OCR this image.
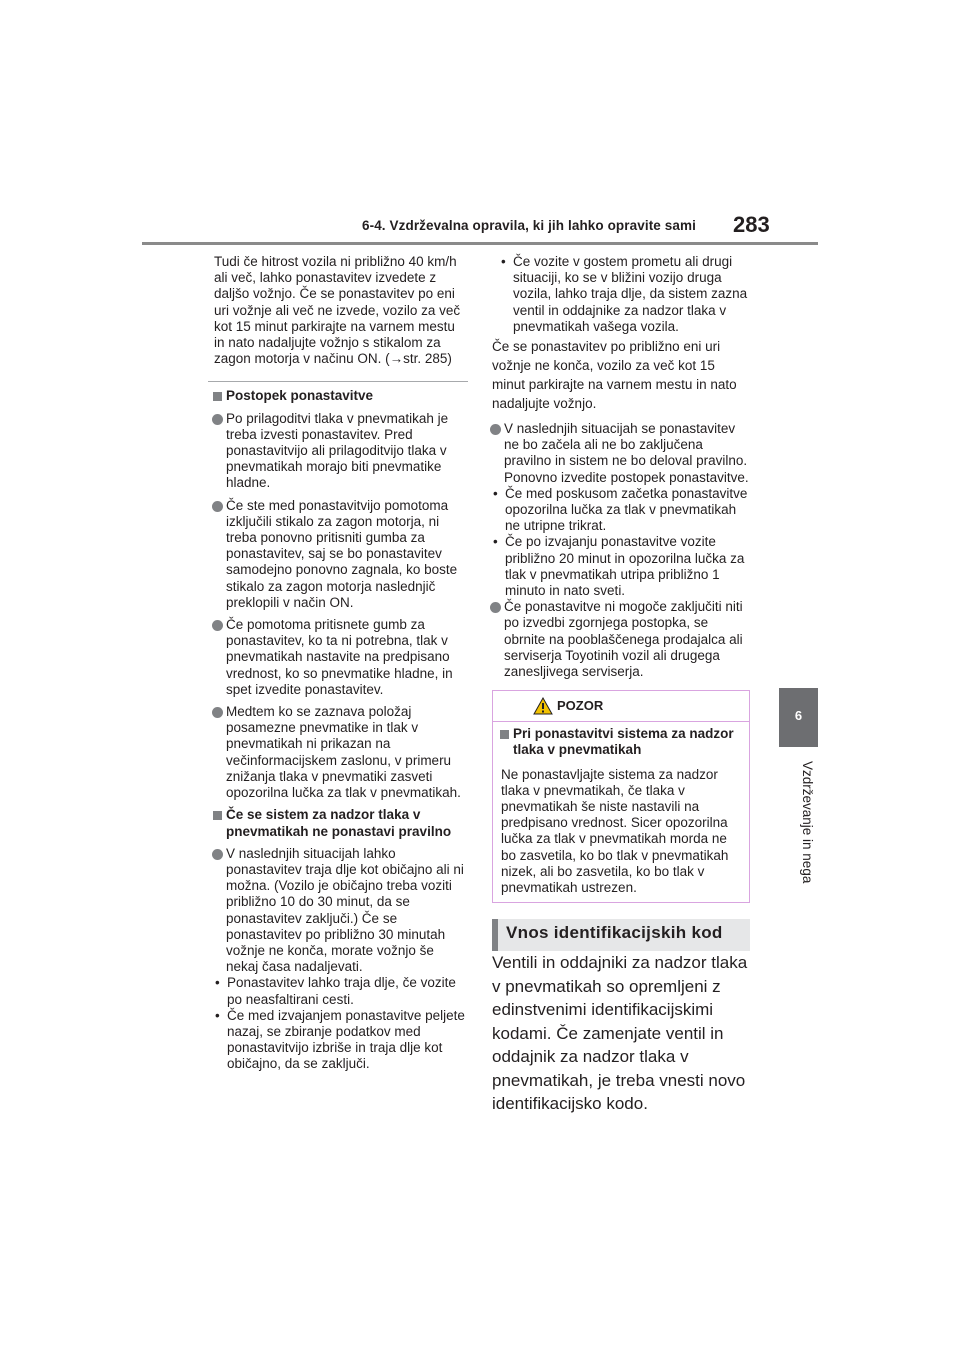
6-4. Vzdrževalna opravila, ki jih lahko opravite sami 283
6
Vzdrževanje in nega

Tudi če hitrost vozila ni približno 40 km/h ali več, lahko ponastavitev izvedete z daljšo vožnjo. Če se ponastavitev po eni uri vožnje ali več ne izvede, vozilo za več kot 15 minut parkirajte na varnem mestu in nato nadaljujte vožnjo s stikalom za zagon motorja v načinu ON. (→str. 285)

Postopek ponastavitve
Po prilagoditvi tlaka v pnevmatikah je treba izvesti ponastavitev. Pred ponastavitvijo ali prilagoditvijo tlaka v pnevmatikah morajo biti pnevmatike hladne.
Če ste med ponastavitvijo pomotoma izključili stikalo za zagon motorja, ni treba ponovno pritisniti gumba za ponastavitev, saj se bo ponastavitev samodejno ponovno zagnala, ko boste stikalo za zagon motorja naslednjič preklopili v način ON.
Če pomotoma pritisnete gumb za ponastavitev, ko ta ni potrebna, tlak v pnevmatikah nastavite na predpisano vrednost, ko so pnevmatike hladne, in spet izvedite ponastavitev.
Medtem ko se zaznava položaj posamezne pnevmatike in tlak v pnevmatikah ni prikazan na večinformacijskem zaslonu, v primeru znižanja tlaka v pnevmatiki zasveti opozorilna lučka za tlak v pnevmatikah.
Če se sistem za nadzor tlaka v pnevmatikah ne ponastavi pravilno
V naslednjih situacijah lahko ponastavitev traja dlje kot običajno ali ni možna. (Vozilo je običajno treba voziti približno 10 do 30 minut, da se ponastavitev zaključi.) Če se ponastavitev po približno 30 minutah vožnje ne konča, morate vožnjo še nekaj časa nadaljevati.
• Ponastavitev lahko traja dlje, če vozite po neasfaltirani cesti.
• Če med izvajanjem ponastavitve peljete nazaj, se zbiranje podatkov med ponastavitvijo izbriše in traja dlje kot običajno, da se zaključi.
• Če vozite v gostem prometu ali drugi situaciji, ko se v bližini vozijo druga vozila, lahko traja dlje, da sistem zazna ventil in oddajnike za nadzor tlaka v pnevmatikah vašega vozila.

Če se ponastavitev po približno eni uri vožnje ne konča, vozilo za več kot 15 minut parkirajte na varnem mestu in nato nadaljujte vožnjo.

V naslednjih situacijah se ponastavitev ne bo začela ali ne bo zaključena pravilno in sistem ne bo deloval pravilno. Ponovno izvedite postopek ponastavitve.
• Če med poskusom začetka ponastavitve opozorilna lučka za tlak v pnevmatikah ne utripne trikrat.
• Če po izvajanju ponastavitve vozite približno 20 minut in opozorilna lučka za tlak v pnevmatikah utripa približno 1 minuto in nato sveti.
Če ponastavitve ni mogoče zaključiti niti po izvedbi zgornjega postopka, se obrnite na pooblaščenega prodajalca ali serviserja Toyotinih vozil ali drugega zanesljivega serviserja.
POZOR
Pri ponastavitvi sistema za nadzor tlaka v pnevmatikah
Ne ponastavljajte sistema za nadzor tlaka v pnevmatikah, če tlaka v pnevmatikah še niste nastavili na predpisano vrednost. Sicer opozorilna lučka za tlak v pnevmatikah morda ne bo zasvetila, ko bo tlak v pnevmatikah nizek, ali bo zasvetila, ko bo tlak v pnevmatikah ustrezen.
Vnos identifikacijskih kod

Ventili in oddajniki za nadzor tlaka v pnevmatikah so opremljeni z edinstvenimi identifikacijskimi kodami. Če zamenjate ventil in oddajnik za nadzor tlaka v pnevmatikah, je treba vnesti novo identifikacijsko kodo.
